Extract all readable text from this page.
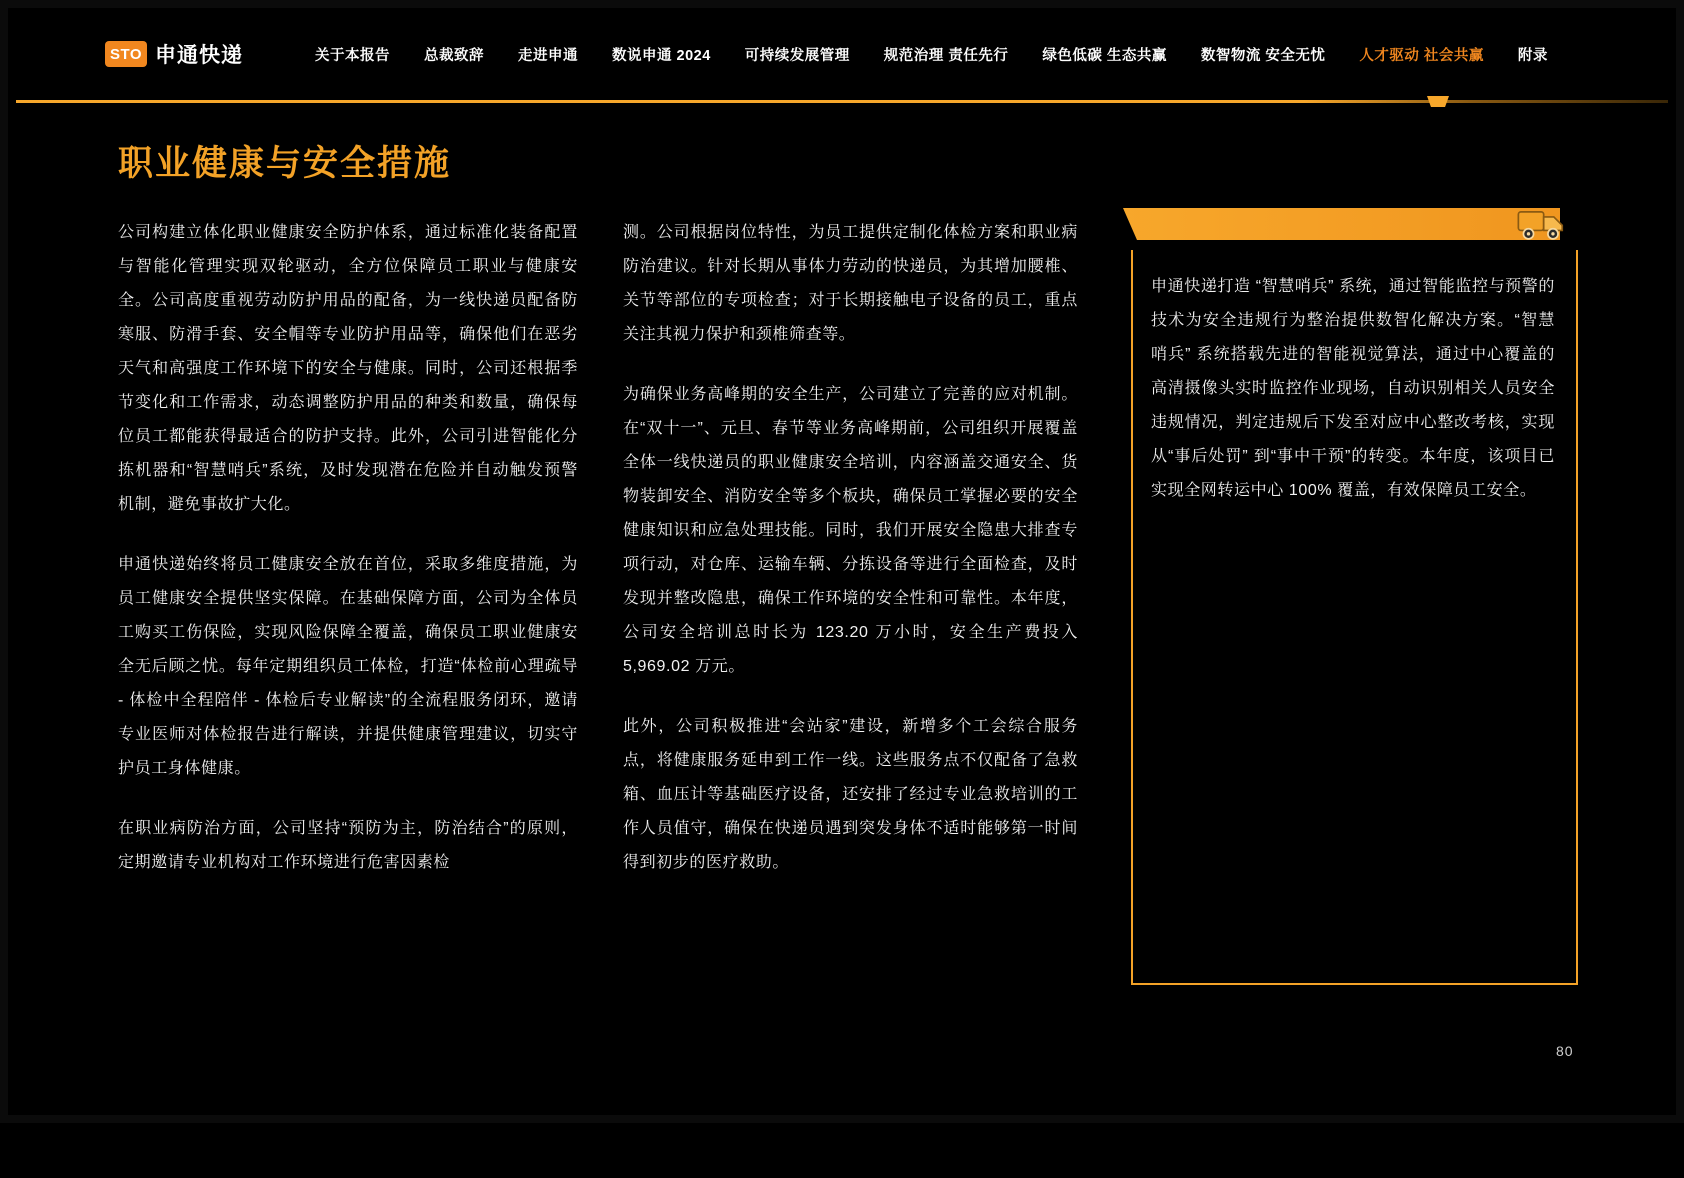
STO 申通快递	关于本报告 总裁致辞 走进申通 数说申通 2024 可持续发展管理 规范治理 责任先行 绿色低碳 生态共赢 数智物流 安全无忧 人才驱动 社会共赢 附录
职业健康与安全措施

公司构建立体化职业健康安全防护体系，通过标准化装备配置与智能化管理实现双轮驱动，全方位保障员工职业与健康安全。公司高度重视劳动防护用品的配备，为一线快递员配备防寒服、防滑手套、安全帽等专业防护用品等，确保他们在恶劣天气和高强度工作环境下的安全与健康。同时，公司还根据季节变化和工作需求，动态调整防护用品的种类和数量，确保每位员工都能获得最适合的防护支持。此外，公司引进智能化分拣机器和“智慧哨兵”系统，及时发现潜在危险并自动触发预警机制，避免事故扩大化。

申通快递始终将员工健康安全放在首位，采取多维度措施，为员工健康安全提供坚实保障。在基础保障方面，公司为全体员工购买工伤保险，实现风险保障全覆盖，确保员工职业健康安全无后顾之忧。每年定期组织员工体检，打造“体检前心理疏导 - 体检中全程陪伴 - 体检后专业解读”的全流程服务闭环，邀请专业医师对体检报告进行解读，并提供健康管理建议，切实守护员工身体健康。

在职业病防治方面，公司坚持“预防为主，防治结合”的原则，定期邀请专业机构对工作环境进行危害因素检

测。公司根据岗位特性，为员工提供定制化体检方案和职业病防治建议。针对长期从事体力劳动的快递员，为其增加腰椎、关节等部位的专项检查；对于长期接触电子设备的员工，重点关注其视力保护和颈椎筛查等。

为确保业务高峰期的安全生产，公司建立了完善的应对机制。在“双十一”、元旦、春节等业务高峰期前，公司组织开展覆盖全体一线快递员的职业健康安全培训，内容涵盖交通安全、货物装卸安全、消防安全等多个板块，确保员工掌握必要的安全健康知识和应急处理技能。同时，我们开展安全隐患大排查专项行动，对仓库、运输车辆、分拣设备等进行全面检查，及时发现并整改隐患，确保工作环境的安全性和可靠性。本年度，公司安全培训总时长为 123.20 万小时，安全生产费投入 5,969.02 万元。

此外，公司积极推进“会站家”建设，新增多个工会综合服务点，将健康服务延申到工作一线。这些服务点不仅配备了急救箱、血压计等基础医疗设备，还安排了经过专业急救培训的工作人员值守，确保在快递员遇到突发身体不适时能够第一时间得到初步的医疗救助。

申通快递打造 “智慧哨兵” 系统，通过智能监控与预警的技术为安全违规行为整治提供数智化解决方案。“智慧哨兵” 系统搭载先进的智能视觉算法，通过中心覆盖的高清摄像头实时监控作业现场，自动识别相关人员安全违规情况，判定违规后下发至对应中心整改考核，实现从“事后处罚” 到“事中干预”的转变。本年度，该项目已实现全网转运中心 100% 覆盖，有效保障员工安全。
80
